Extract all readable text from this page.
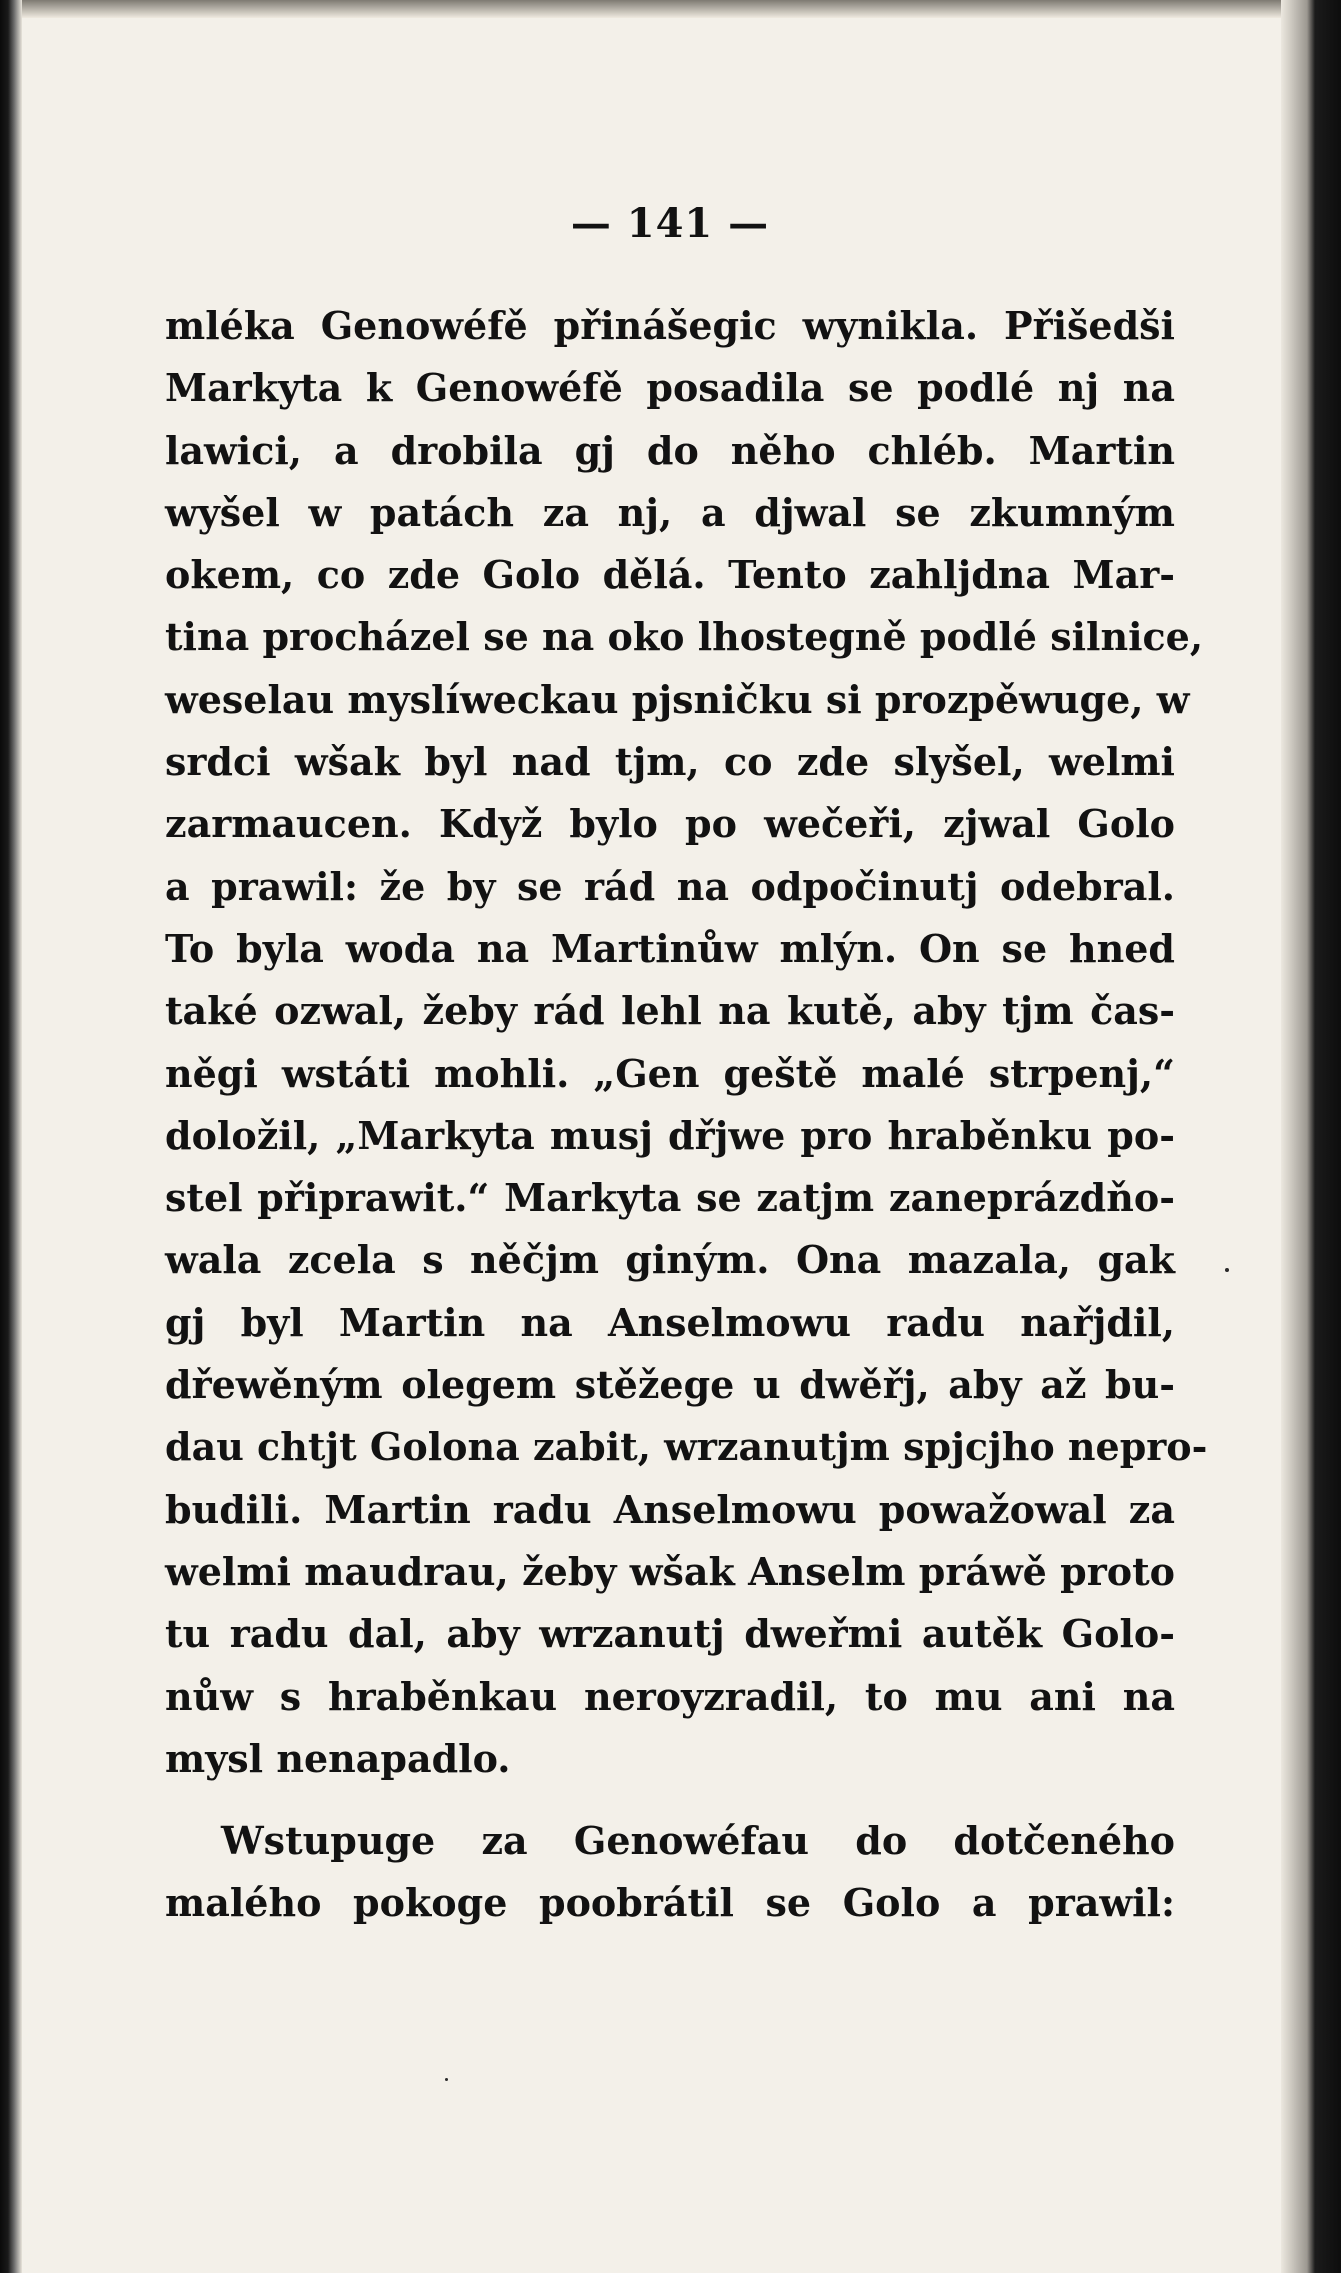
— 141 —
mléka Genowéfě přinášegic wynikla. Přišedši
Markyta k Genowéfě posadila se podlé nj na
lawici, a drobila gj do něho chléb. Martin
wyšel w patách za nj, a djwal se zkumným
okem, co zde Golo dělá. Tento zahljdna Mar-
tina procházel se na oko lhostegně podlé silnice,
weselau myslíweckau pjsničku si prozpěwuge, w
srdci wšak byl nad tjm, co zde slyšel, welmi
zarmaucen. Když bylo po wečeři, zjwal Golo
a prawil: že by se rád na odpočinutj odebral.
To byla woda na Martinůw mlýn. On se hned
také ozwal, žeby rád lehl na kutě, aby tjm čas-
něgi wstáti mohli. „Gen geště malé strpenj,“
doložil, „Markyta musj dřjwe pro hraběnku po-
stel připrawit.“ Markyta se zatjm zaneprázdňo-
wala zcela s něčjm giným. Ona mazala, gak
gj byl Martin na Anselmowu radu nařjdil,
dřewěným olegem stěžege u dwěřj, aby až bu-
dau chtjt Golona zabit, wrzanutjm spjcjho nepro-
budili. Martin radu Anselmowu powažowal za
welmi maudrau, žeby wšak Anselm práwě proto
tu radu dal, aby wrzanutj dweřmi autěk Golo-
nůw s hraběnkau neroyzradil, to mu ani na
mysl nenapadlo.
Wstupuge za Genowéfau do dotčeného
malého pokoge poobrátil se Golo a prawil:
